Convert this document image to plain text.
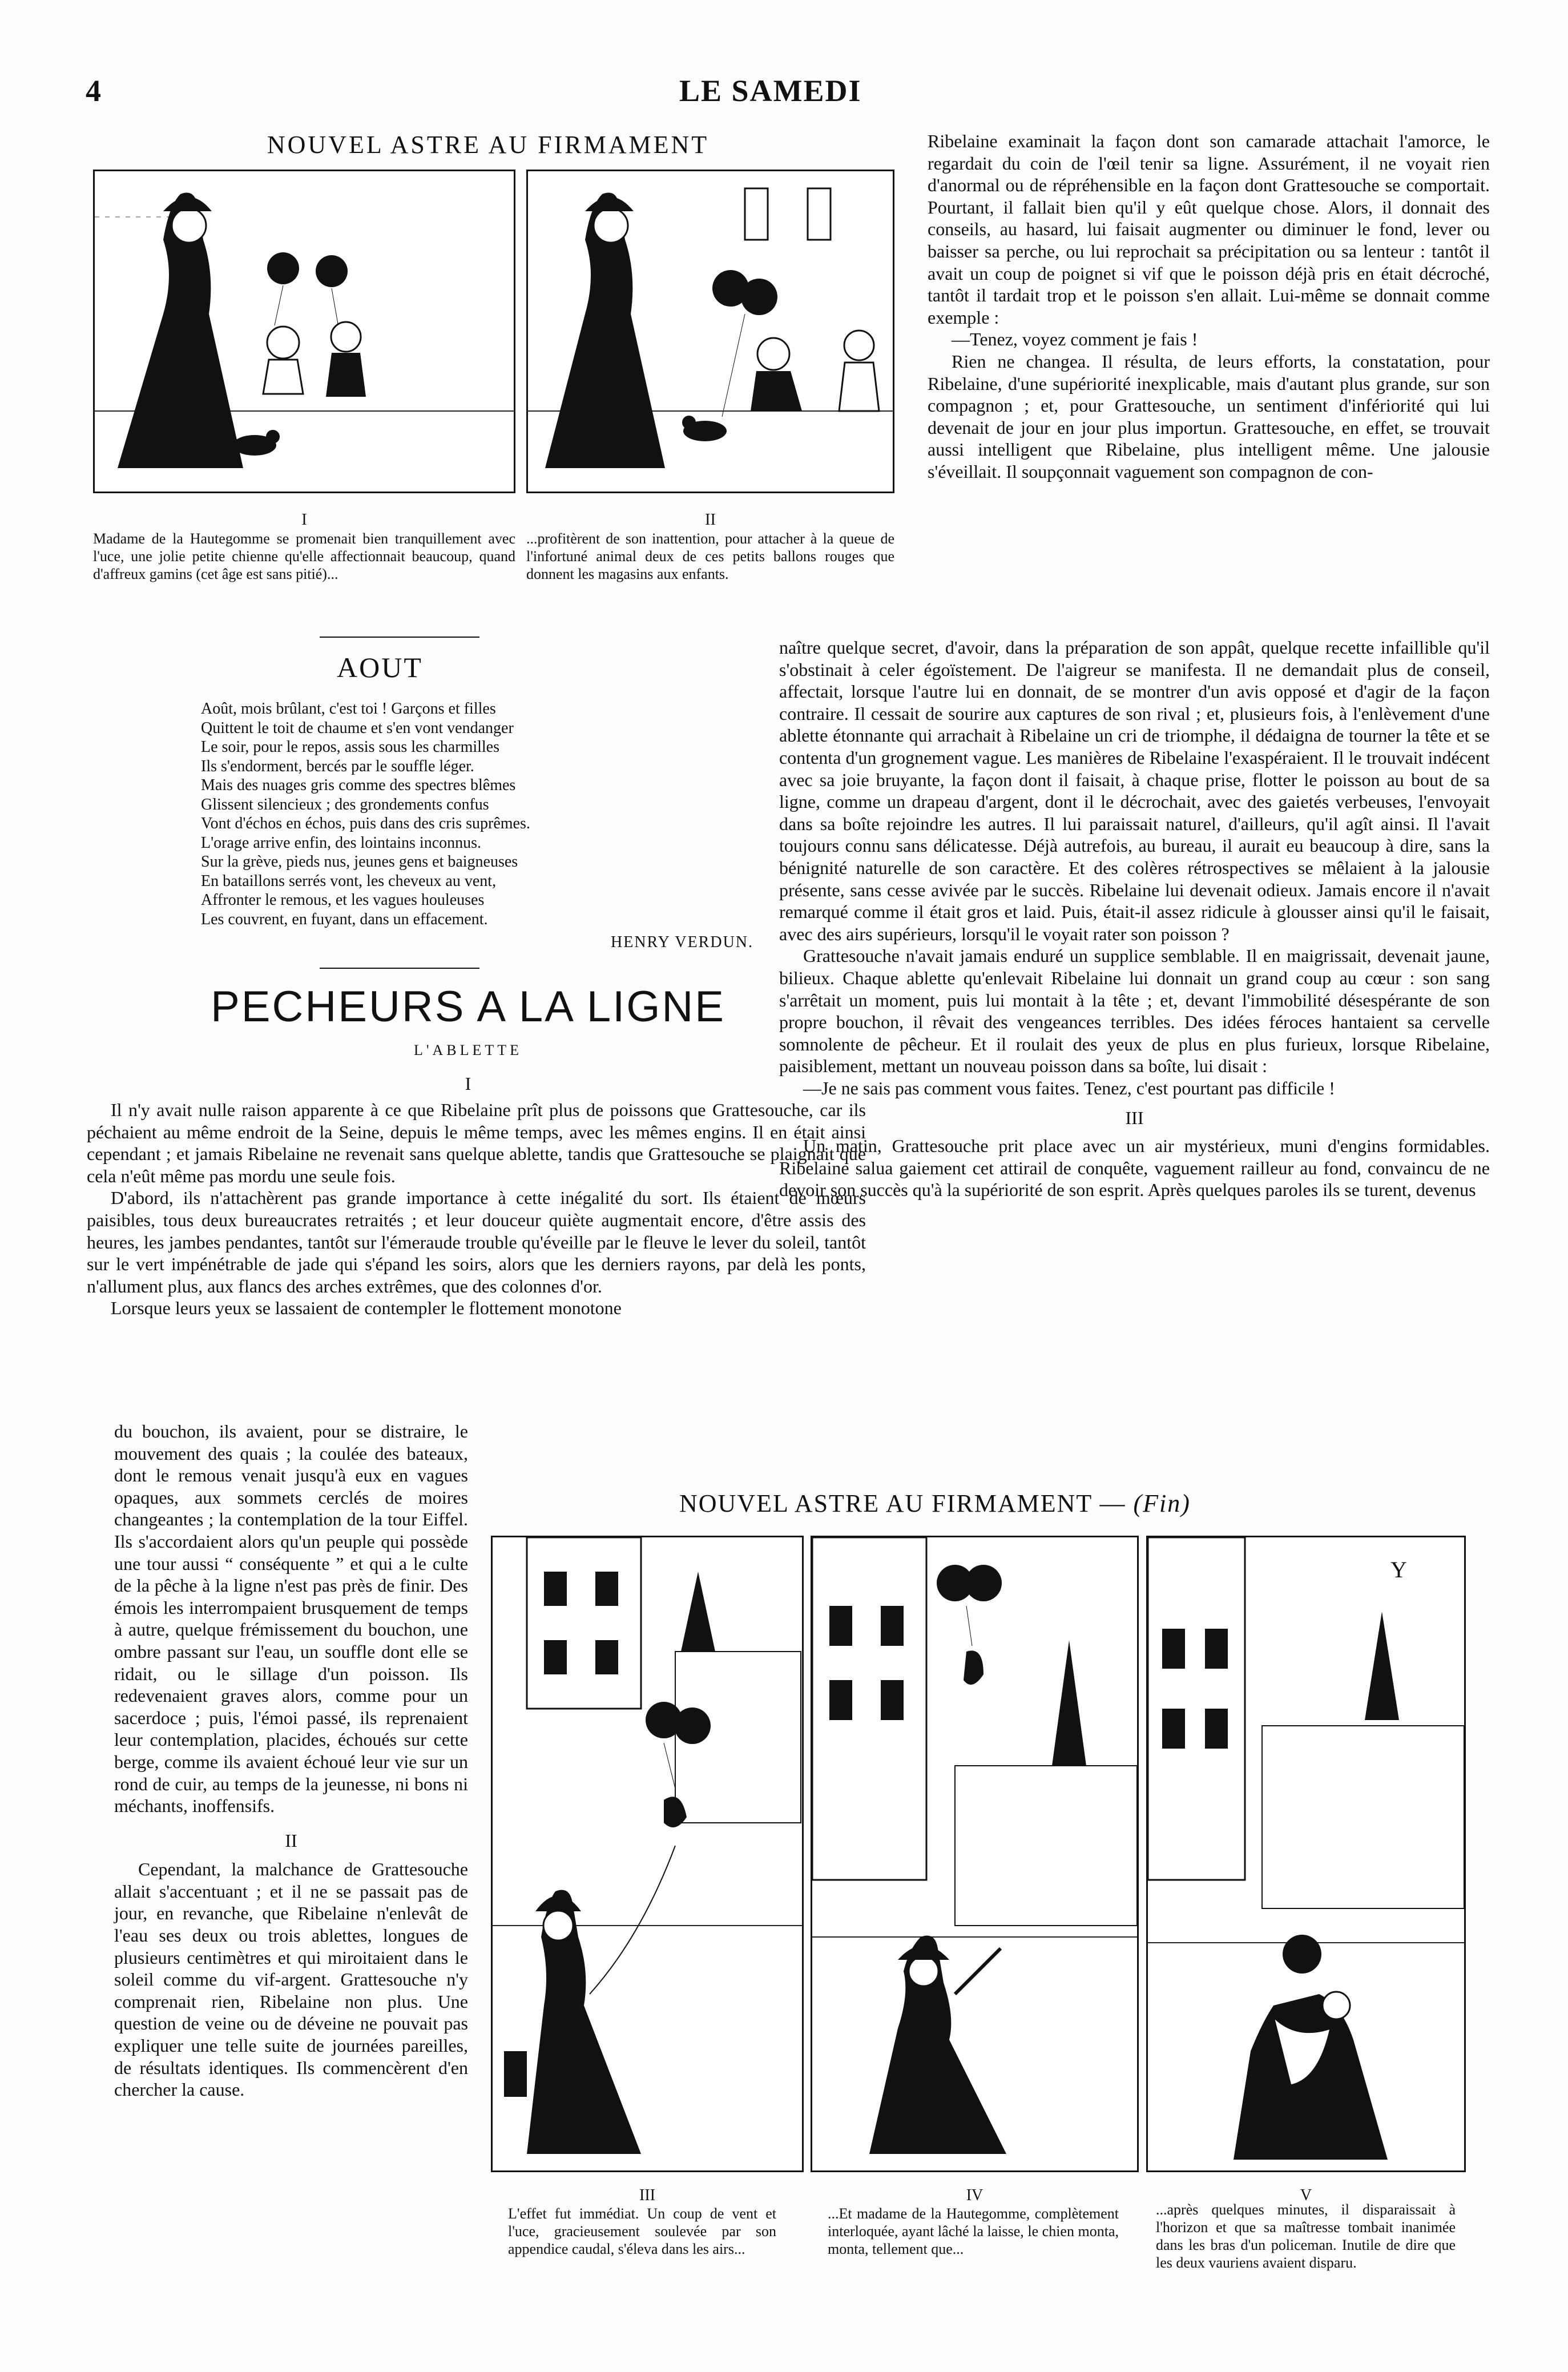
4	LE SAMEDI
NOUVEL ASTRE AU FIRMAMENT
I
Madame de la Hautegomme se promenait bien tranquillement avec l'uce, une jolie petite chienne qu'elle affectionnait beaucoup, quand d'affreux gamins (cet âge est sans pitié)...
II
...profitèrent de son inattention, pour attacher à la queue de l'infortuné animal deux de ces petits ballons rouges que donnent les magasins aux enfants.
AOUT
Août, mois brûlant, c'est toi ! Garçons et filles
Quittent le toit de chaume et s'en vont vendanger
Le soir, pour le repos, assis sous les charmilles
Ils s'endorment, bercés par le souffle léger.
Mais des nuages gris comme des spectres blêmes
Glissent silencieux ; des grondements confus
Vont d'échos en échos, puis dans des cris suprêmes.
L'orage arrive enfin, des lointains inconnus.
Sur la grève, pieds nus, jeunes gens et baigneuses
En bataillons serrés vont, les cheveux au vent,
Affronter le remous, et les vagues houleuses
Les couvrent, en fuyant, dans un effacement.
HENRY VERDUN.
PECHEURS A LA LIGNE
L'ABLETTE
I

Il n'y avait nulle raison apparente à ce que Ribelaine prît plus de poissons que Grattesouche, car ils péchaient au même endroit de la Seine, depuis le même temps, avec les mêmes engins. Il en était ainsi cependant ; et jamais Ribelaine ne revenait sans quelque ablette, tandis que Grattesouche se plaignait que cela n'eût même pas mordu une seule fois.

D'abord, ils n'attachèrent pas grande importance à cette inégalité du sort. Ils étaient de mœurs paisibles, tous deux bureaucrates retraités ; et leur douceur quiète augmentait encore, d'être assis des heures, les jambes pendantes, tantôt sur l'émeraude trouble qu'éveille par le fleuve le lever du soleil, tantôt sur le vert impénétrable de jade qui s'épand les soirs, alors que les derniers rayons, par delà les ponts, n'allument plus, aux flancs des arches extrêmes, que des colonnes d'or.

Lorsque leurs yeux se lassaient de contempler le flottement monotone

du bouchon, ils avaient, pour se distraire, le mouvement des quais ; la coulée des bateaux, dont le remous venait jusqu'à eux en vagues opaques, aux sommets cerclés de moires changeantes ; la contemplation de la tour Eiffel. Ils s'accordaient alors qu'un peuple qui possède une tour aussi “ conséquente ” et qui a le culte de la pêche à la ligne n'est pas près de finir. Des émois les interrompaient brusquement de temps à autre, quelque frémissement du bouchon, une ombre passant sur l'eau, un souffle dont elle se ridait, ou le sillage d'un poisson. Ils redevenaient graves alors, comme pour un sacerdoce ; puis, l'émoi passé, ils reprenaient leur contemplation, placides, échoués sur cette berge, comme ils avaient échoué leur vie sur un rond de cuir, au temps de la jeunesse, ni bons ni méchants, inoffensifs.

II

Cependant, la malchance de Grattesouche allait s'accentuant ; et il ne se passait pas de jour, en revanche, que Ribelaine n'enlevât de l'eau ses deux ou trois ablettes, longues de plusieurs centimètres et qui miroitaient dans le soleil comme du vif-argent. Grattesouche n'y comprenait rien, Ribelaine non plus. Une question de veine ou de déveine ne pouvait pas expliquer une telle suite de journées pareilles, de résultats identiques. Ils commencèrent d'en chercher la cause.

Ribelaine examinait la façon dont son camarade attachait l'amorce, le regardait du coin de l'œil tenir sa ligne. Assurément, il ne voyait rien d'anormal ou de répréhensible en la façon dont Grattesouche se comportait. Pourtant, il fallait bien qu'il y eût quelque chose. Alors, il donnait des conseils, au hasard, lui faisait augmenter ou diminuer le fond, lever ou baisser sa perche, ou lui reprochait sa précipitation ou sa lenteur : tantôt il avait un coup de poignet si vif que le poisson déjà pris en était décroché, tantôt il tardait trop et le poisson s'en allait. Lui-même se donnait comme exemple :

—Tenez, voyez comment je fais !

Rien ne changea. Il résulta, de leurs efforts, la constatation, pour Ribelaine, d'une supériorité inexplicable, mais d'autant plus grande, sur son compagnon ; et, pour Grattesouche, un sentiment d'infériorité qui lui devenait de jour en jour plus importun. Grattesouche, en effet, se trouvait aussi intelligent que Ribelaine, plus intelligent même. Une jalousie s'éveillait. Il soupçonnait vaguement son compagnon de con-

naître quelque secret, d'avoir, dans la préparation de son appât, quelque recette infaillible qu'il s'obstinait à celer égoïstement. De l'aigreur se manifesta. Il ne demandait plus de conseil, affectait, lorsque l'autre lui en donnait, de se montrer d'un avis opposé et d'agir de la façon contraire. Il cessait de sourire aux captures de son rival ; et, plusieurs fois, à l'enlèvement d'une ablette étonnante qui arrachait à Ribelaine un cri de triomphe, il dédaigna de tourner la tête et se contenta d'un grognement vague. Les manières de Ribelaine l'exaspéraient. Il le trouvait indécent avec sa joie bruyante, la façon dont il faisait, à chaque prise, flotter le poisson au bout de sa ligne, comme un drapeau d'argent, dont il le décrochait, avec des gaietés verbeuses, l'envoyait dans sa boîte rejoindre les autres. Il lui paraissait naturel, d'ailleurs, qu'il agît ainsi. Il l'avait toujours connu sans délicatesse. Déjà autrefois, au bureau, il aurait eu beaucoup à dire, sans la bénignité naturelle de son caractère. Et des colères rétrospectives se mêlaient à la jalousie présente, sans cesse avivée par le succès. Ribelaine lui devenait odieux. Jamais encore il n'avait remarqué comme il était gros et laid. Puis, était-il assez ridicule à glousser ainsi qu'il le faisait, avec des airs supérieurs, lorsqu'il le voyait rater son poisson ?

Grattesouche n'avait jamais enduré un supplice semblable. Il en maigrissait, devenait jaune, bilieux. Chaque ablette qu'enlevait Ribelaine lui donnait un grand coup au cœur : son sang s'arrêtait un moment, puis lui montait à la tête ; et, devant l'immobilité désespérante de son propre bouchon, il rêvait des vengeances terribles. Des idées féroces hantaient sa cervelle somnolente de pêcheur. Et il roulait des yeux de plus en plus furieux, lorsque Ribelaine, paisiblement, mettant un nouveau poisson dans sa boîte, lui disait :

—Je ne sais pas comment vous faites. Tenez, c'est pourtant pas difficile !

III

Un matin, Grattesouche prit place avec un air mystérieux, muni d'engins formidables. Ribelaine salua gaiement cet attirail de conquête, vaguement railleur au fond, convaincu de ne devoir son succès qu'à la supériorité de son esprit. Après quelques paroles ils se turent, devenus

NOUVEL ASTRE AU FIRMAMENT — (Fin)
Y
III
L'effet fut immédiat. Un coup de vent et l'uce, gracieusement soulevée par son appendice caudal, s'éleva dans les airs...
IV
...Et madame de la Hautegomme, complètement interloquée, ayant lâché la laisse, le chien monta, monta, tellement que...
V
...après quelques minutes, il disparaissait à l'horizon et que sa maîtresse tombait inanimée dans les bras d'un policeman. Inutile de dire que les deux vauriens avaient disparu.
